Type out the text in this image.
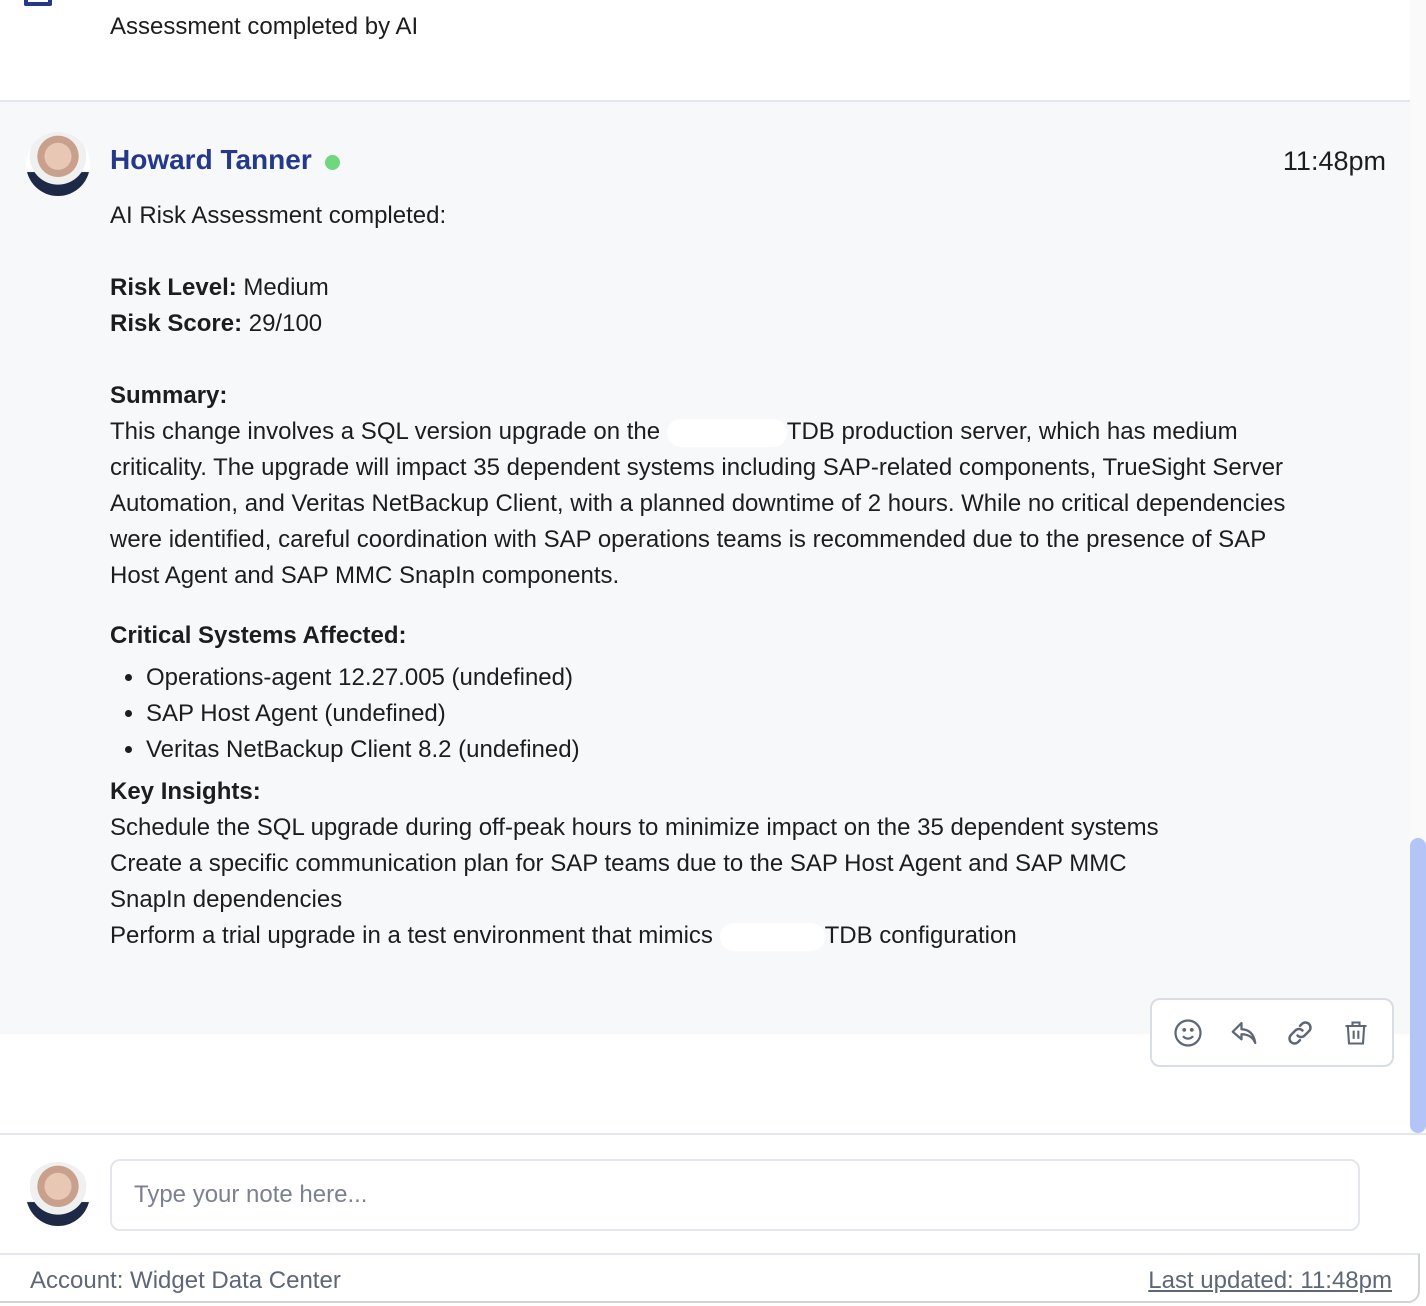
Assessment completed by AI
Howard Tanner	11:48pm
AI Risk Assessment completed:
Risk Level: Medium
Risk Score: 29/100
Summary:
This change involves a SQL version upgrade on the	TDB production server, which has medium criticality. The upgrade will impact 35 dependent systems including SAP-related components, TrueSight Server Automation, and Veritas NetBackup Client, with a planned downtime of 2 hours. While no critical dependencies were identified, careful coordination with SAP operations teams is recommended due to the presence of SAP Host Agent and SAP MMC SnapIn components.
Critical Systems Affected:
• Operations-agent 12.27.005 (undefined)
• SAP Host Agent (undefined)
• Veritas NetBackup Client 8.2 (undefined)
Key Insights:
Schedule the SQL upgrade during off-peak hours to minimize impact on the 35 dependent systems
Create a specific communication plan for SAP teams due to the SAP Host Agent and SAP MMC SnapIn dependencies
Perform a trial upgrade in a test environment that mimics	TDB configuration
Type your note here...
Account: Widget Data Center	Last updated: 11:48pm
